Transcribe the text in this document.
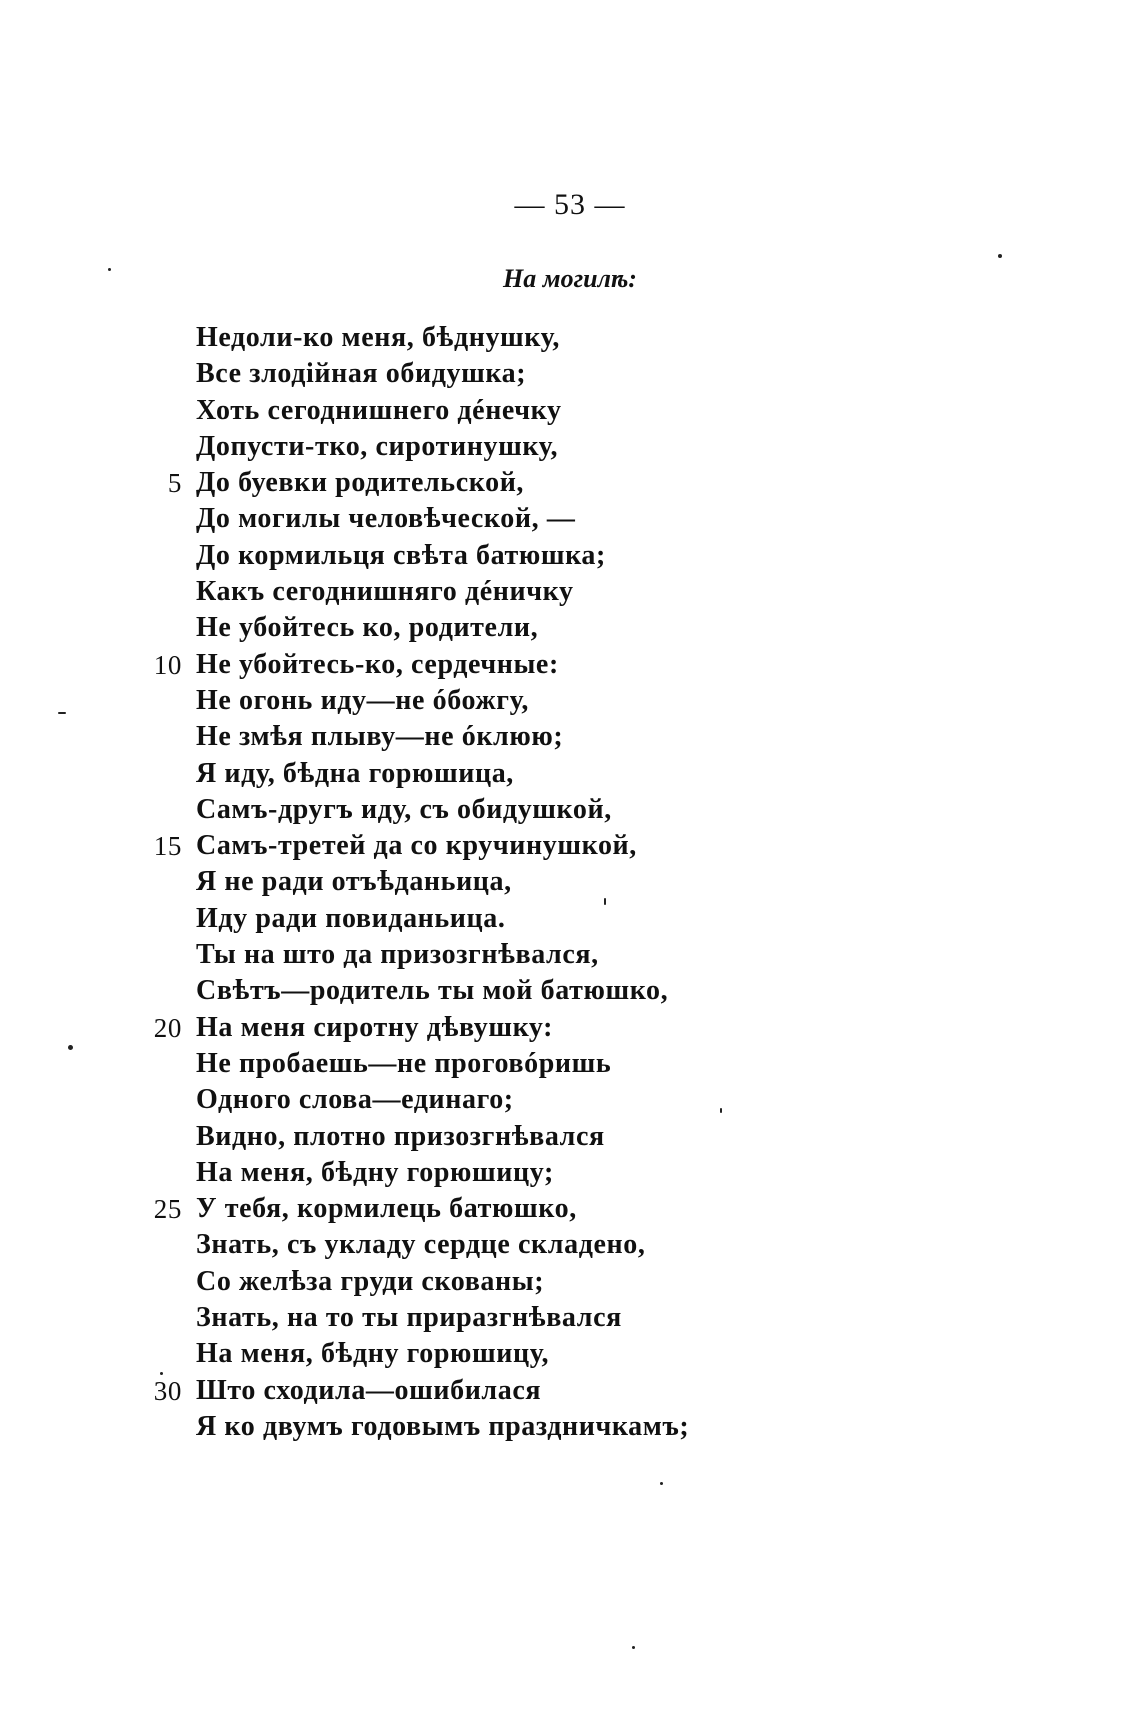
— 53 —
На могилѣ:
Недоли-ко меня, бѣднушку,
Все злодійная обидушка;
Хоть сегоднишнего дéнечку
Допусти-тко, сиротинушку,
5 До буевки родительской,
До могилы человѣческой, —
До кормильця свѣта батюшка;
Какъ сегоднишняго дéничку
Не убойтесь ко, родители,
10 Не убойтесь-ко, сердечные:
Не огонь иду—не óбожгу,
Не змѣя плыву—не óклюю;
Я иду, бѣдна горюшица,
Самъ-другъ иду, съ обидушкой,
15 Самъ-третей да со кручинушкой,
Я не ради отъѣданьица,
Иду ради повиданьица.
Ты на што да призозгнѣвался,
Свѣтъ—родитель ты мой батюшко,
20 На меня сиротну дѣвушку:
Не пробаешь—не проговóришь
Одного слова—единаго;
Видно, плотно призозгнѣвался
На меня, бѣдну горюшицу;
25 У тебя, кормилець батюшко,
Знать, съ укладу сердце складено,
Со желѣза груди скованы;
Знать, на то ты приразгнѣвался
На меня, бѣдну горюшицу,
30 Што сходила—ошибилася
Я ко двумъ годовымъ праздничкамъ;
